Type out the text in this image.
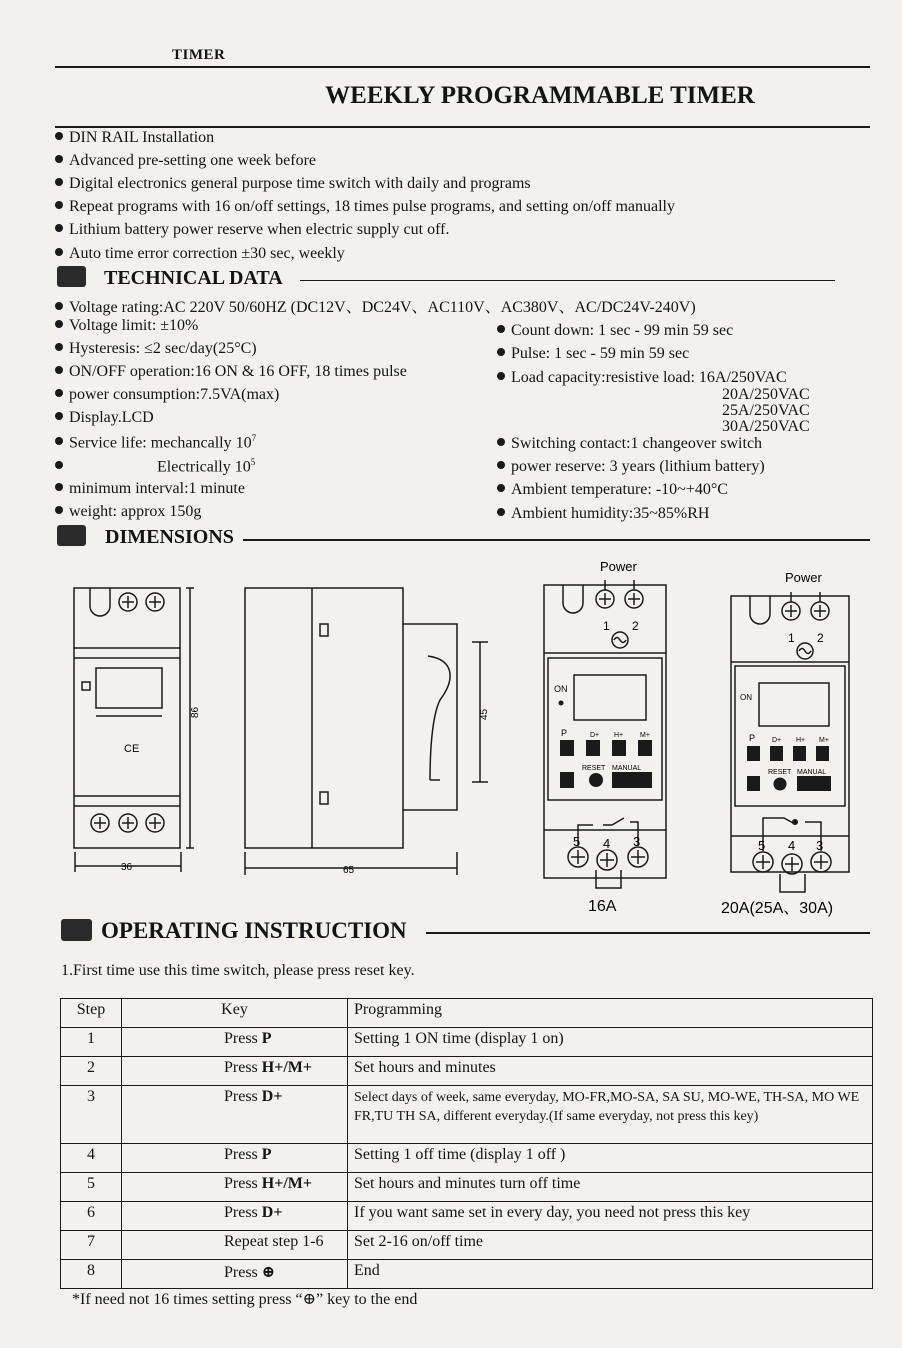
TIMER
WEEKLY PROGRAMMABLE TIMER
DIN RAIL Installation
Advanced pre-setting one week before
Digital electronics general purpose time switch with daily and programs
Repeat programs with 16 on/off settings, 18 times pulse programs, and setting on/off manually
Lithium battery power reserve when electric supply cut off.
Auto time error correction ±30 sec, weekly
TECHNICAL DATA
Voltage rating:AC 220V 50/60HZ (DC12V、DC24V、AC110V、AC380V、AC/DC24V-240V)
Voltage limit: ±10%
Hysteresis: ≤2 sec/day(25°C)
ON/OFF operation:16 ON & 16 OFF, 18 times pulse
power consumption:7.5VA(max)
Display.LCD
Service life: mechancally $10^7$
Electrically $10^5$
minimum interval:1 minute
weight: approx 150g
Count down: 1 sec - 99 min 59 sec
Pulse: 1 sec - 59 min 59 sec
Load capacity:resistive load: 16A/250VAC
20A/250VAC
25A/250VAC
30A/250VAC
Switching contact:1 changeover switch
power reserve: 3 years (lithium battery)
Ambient temperature: -10~+40°C
Ambient humidity:35~85%RH
DIMENSIONS
CE
86
36	65
45
Power
1 2
ON
P	D+ H+ M+
RESET MANUAL
5 4 3
16A
Power
1 2
ON
P D+ H+ M+
RESET MANUAL
5 4 3
20A(25A、30A)
OPERATING INSTRUCTION
1.First time use this time switch, please press reset key.
Step	Key	Programming
1	Press P	Setting 1 ON time (display 1 on)
2	Press H+/M+	Set hours and minutes
3	Press D+	Select days of week, same everyday, MO-FR,MO-SA, SA SU, MO-WE, TH-SA, MO WE FR,TU TH SA, different everyday.(If same everyday, not press this key)
4	Press P	Setting 1 off time (display 1 off )
5	Press H+/M+	Set hours and minutes turn off time
6	Press D+	If you want same set in every day, you need not press this key
7	Repeat step 1-6	Set 2-16 on/off time
8	Press ⊕	End
*If need not 16 times setting press “⊕” key to the end
